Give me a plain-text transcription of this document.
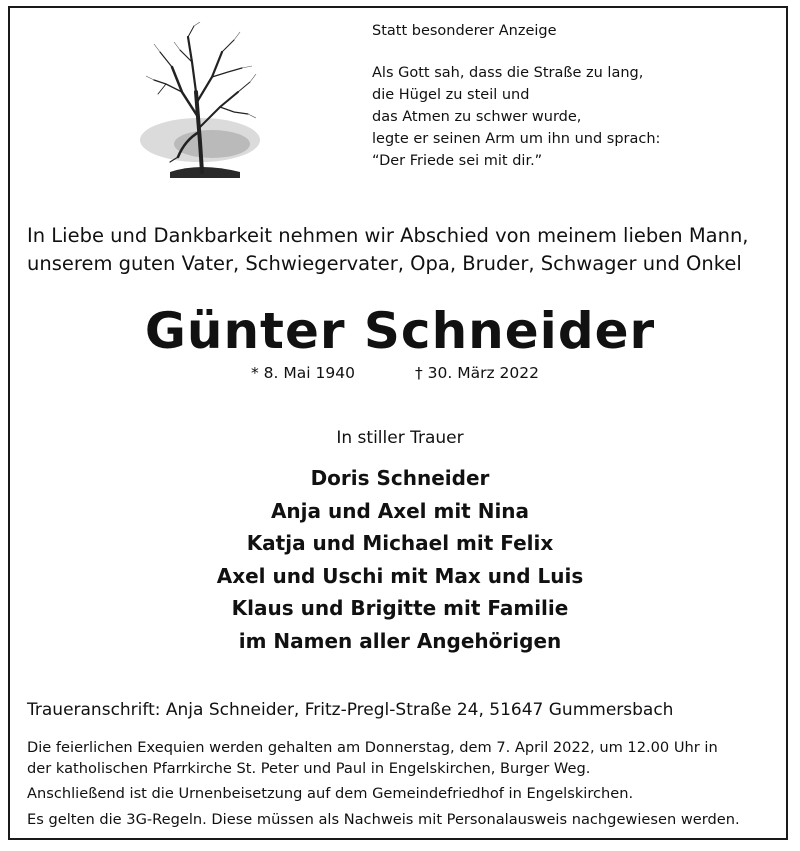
Statt besonderer Anzeige
Als Gott sah, dass die Straße zu lang,
die Hügel zu steil und
das Atmen zu schwer wurde,
legte er seinen Arm um ihn und sprach:
“Der Friede sei mit dir.”
In Liebe und Dankbarkeit nehmen wir Abschied von meinem lieben Mann,
unserem guten Vater, Schwiegervater, Opa, Bruder, Schwager und Onkel
Günter Schneider
* 8. Mai 1940	† 30. März 2022
In stiller Trauer
Doris Schneider
Anja und Axel mit Nina
Katja und Michael mit Felix
Axel und Uschi mit Max und Luis
Klaus und Brigitte mit Familie
im Namen aller Angehörigen
Traueranschrift: Anja Schneider, Fritz-Pregl-Straße 24, 51647 Gummersbach

Die feierlichen Exequien werden gehalten am Donnerstag, dem 7. April 2022, um 12.00 Uhr in
der katholischen Pfarrkirche St. Peter und Paul in Engelskirchen, Burger Weg.

Anschließend ist die Urnenbeisetzung auf dem Gemeindefriedhof in Engelskirchen.

Es gelten die 3G-Regeln. Diese müssen als Nachweis mit Personalausweis nachgewiesen werden.
